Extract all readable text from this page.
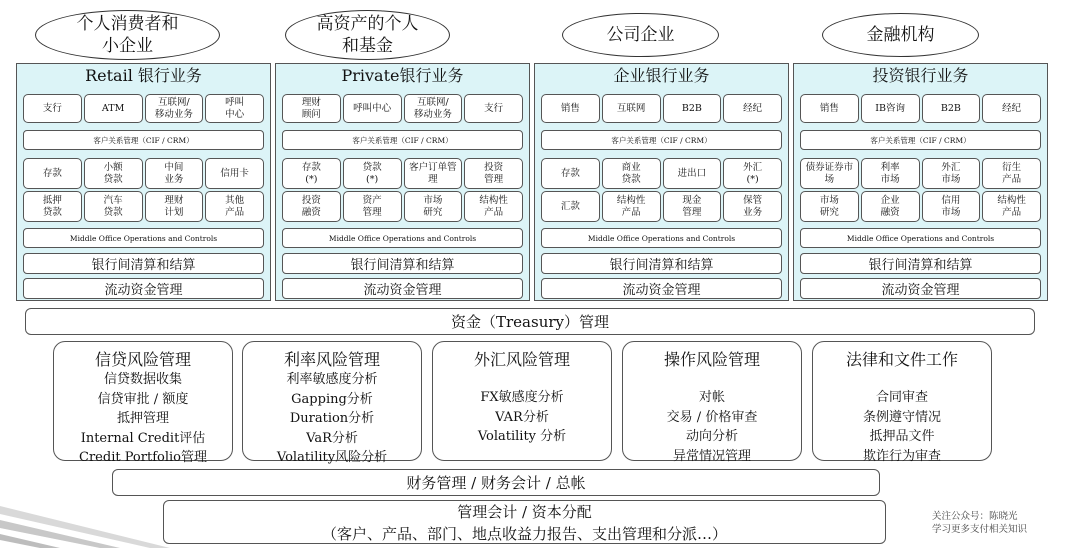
个人消费者和
小企业
高资产的个人
和基金
公司企业	金融机构
Retail 银行业务
支行	ATM
互联网/
移动业务
呼叫
中心
客户关系管理（CIF / CRM）
存款
小额
贷款
中间
业务
信用卡
抵押
贷款
汽车
贷款
理财
计划
其他
产品
Middle Office Operations and Controls
银行间清算和结算
流动资金管理
Private银行业务
理财
顾问
呼叫中心
互联网/
移动业务
支行
客户关系管理（CIF / CRM）
存款
(*)
贷款
(*)
客户订单管
理
投资
管理
投资
融资
资产
管理
市场
研究
结构性
产品
Middle Office Operations and Controls
银行间清算和结算
流动资金管理
企业银行业务
销售	互联网	B2B	经纪
客户关系管理（CIF / CRM）
存款
商业
贷款
进出口
外汇
(*)
汇款
结构性
产品
现金
管理
保管
业务
Middle Office Operations and Controls
银行间清算和结算
流动资金管理
投资银行业务
销售	IB咨询	B2B	经纪
客户关系管理（CIF / CRM）
债券证券市
场
利率
市场
外汇
市场
衍生
产品
市场
研究
企业
融资
信用
市场
结构性
产品
Middle Office Operations and Controls
银行间清算和结算
流动资金管理
资金（Treasury）管理
信贷风险管理
信贷数据收集
信贷审批 / 额度
抵押管理
Internal Credit评估
Credit Portfolio管理
利率风险管理
利率敏感度分析
Gapping分析
Duration分析
VaR分析
Volatility风险分析
外汇风险管理
FX敏感度分析
VAR分析
Volatility 分析
操作风险管理
对帐
交易 / 价格审查
动向分析
异常情况管理
法律和文件工作
合同审查
条例遵守情况
抵押品文件
欺诈行为审查
财务管理 / 财务会计 / 总帐
管理会计 / 资本分配
（客户、产品、部门、地点收益力报告、支出管理和分派…）
关注公众号：陈晓光
学习更多支付相关知识
